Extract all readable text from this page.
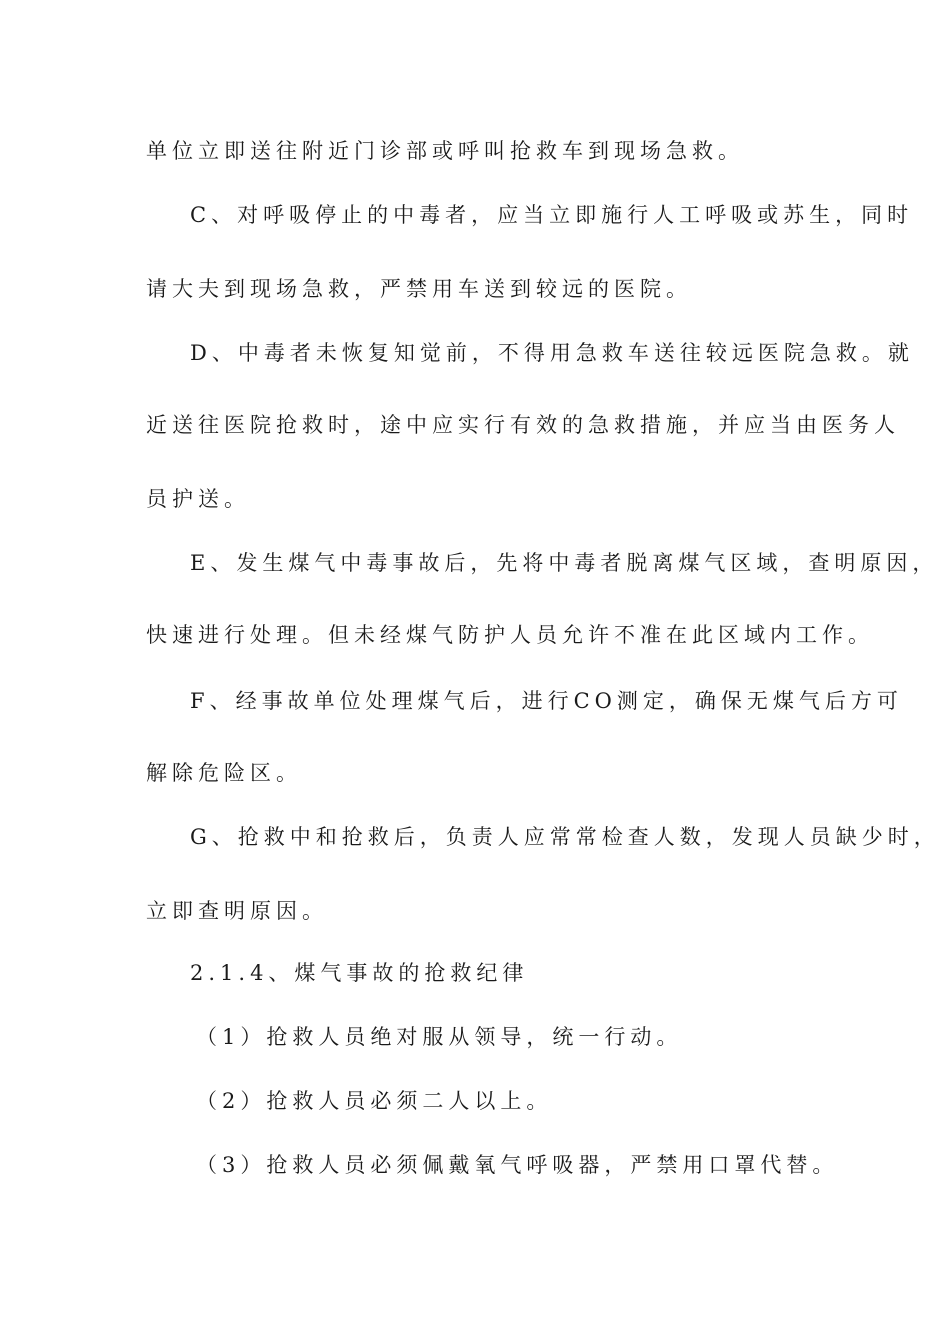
单位立即送往附近门诊部或呼叫抢救车到现场急救。
C、对呼吸停止的中毒者，应当立即施行人工呼吸或苏生，同时
请大夫到现场急救，严禁用车送到较远的医院。
D、中毒者未恢复知觉前，不得用急救车送往较远医院急救。就
近送往医院抢救时，途中应实行有效的急救措施，并应当由医务人
员护送。
E、发生煤气中毒事故后，先将中毒者脱离煤气区域，查明原因，
快速进行处理。但未经煤气防护人员允许不准在此区域内工作。
F、经事故单位处理煤气后，进行CO测定，确保无煤气后方可
解除危险区。
G、抢救中和抢救后，负责人应常常检查人数，发现人员缺少时，
立即查明原因。
2.1.4、煤气事故的抢救纪律
（1）抢救人员绝对服从领导，统一行动。
（2）抢救人员必须二人以上。
（3）抢救人员必须佩戴氧气呼吸器，严禁用口罩代替。
